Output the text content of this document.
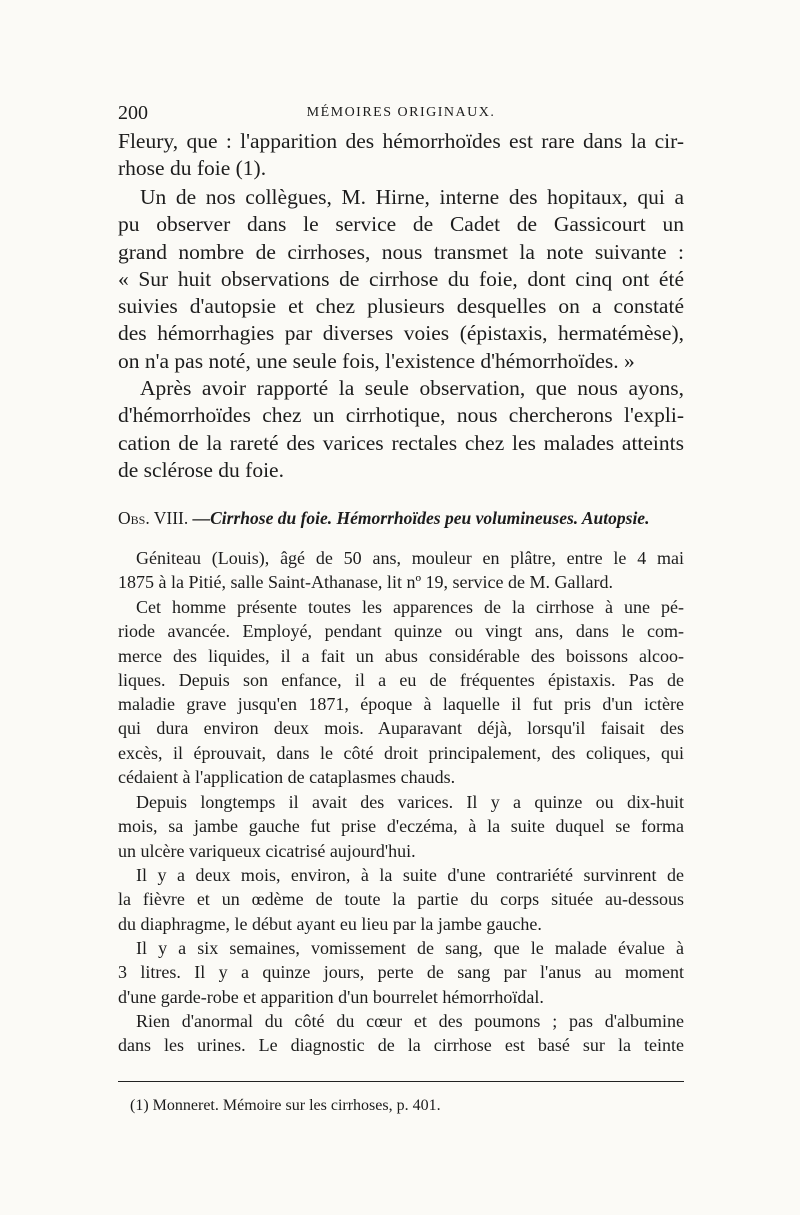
200	MÉMOIRES ORIGINAUX.
Fleury, que : l'apparition des hémorrhoïdes est rare dans la cir-
rhose du foie (1).
Un de nos collègues, M. Hirne, interne des hopitaux, qui a
pu observer dans le service de Cadet de Gassicourt un
grand nombre de cirrhoses, nous transmet la note suivante :
« Sur huit observations de cirrhose du foie, dont cinq ont été
suivies d'autopsie et chez plusieurs desquelles on a constaté
des hémorrhagies par diverses voies (épistaxis, hermatémèse),
on n'a pas noté, une seule fois, l'existence d'hémorrhoïdes. »
Après avoir rapporté la seule observation, que nous ayons,
d'hémorrhoïdes chez un cirrhotique, nous chercherons l'expli-
cation de la rareté des varices rectales chez les malades atteints
de sclérose du foie.
Obs. VIII. —Cirrhose du foie. Hémorrhoïdes peu volumineuses. Autopsie.
Géniteau (Louis), âgé de 50 ans, mouleur en plâtre, entre le 4 mai
1875 à la Pitié, salle Saint-Athanase, lit nº 19, service de M. Gallard.
Cet homme présente toutes les apparences de la cirrhose à une pé-
riode avancée. Employé, pendant quinze ou vingt ans, dans le com-
merce des liquides, il a fait un abus considérable des boissons alcoo-
liques. Depuis son enfance, il a eu de fréquentes épistaxis. Pas de
maladie grave jusqu'en 1871, époque à laquelle il fut pris d'un ictère
qui dura environ deux mois. Auparavant déjà, lorsqu'il faisait des
excès, il éprouvait, dans le côté droit principalement, des coliques, qui
cédaient à l'application de cataplasmes chauds.
Depuis longtemps il avait des varices. Il y a quinze ou dix-huit
mois, sa jambe gauche fut prise d'eczéma, à la suite duquel se forma
un ulcère variqueux cicatrisé aujourd'hui.
Il y a deux mois, environ, à la suite d'une contrariété survinrent de
la fièvre et un œdème de toute la partie du corps située au-dessous
du diaphragme, le début ayant eu lieu par la jambe gauche.
Il y a six semaines, vomissement de sang, que le malade évalue à
3 litres. Il y a quinze jours, perte de sang par l'anus au moment
d'une garde-robe et apparition d'un bourrelet hémorrhoïdal.
Rien d'anormal du côté du cœur et des poumons ; pas d'albumine
dans les urines. Le diagnostic de la cirrhose est basé sur la teinte
(1) Monneret. Mémoire sur les cirrhoses, p. 401.
